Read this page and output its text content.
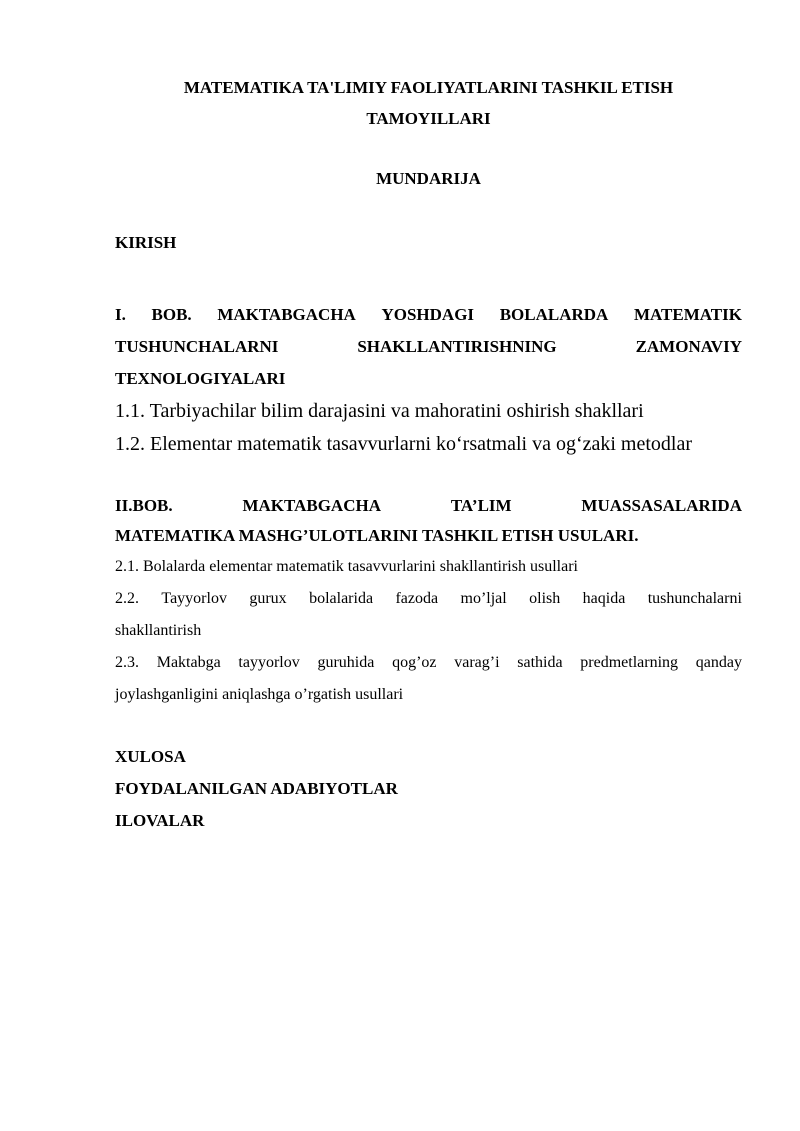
MATEMATIKA TA'LIMIY FAOLIYATLARINI TASHKIL ETISH

TAMOYILLARI

MUNDARIJA

KIRISH

I. BOB. MAKTABGACHA YOSHDAGI BOLALARDA MATEMATIK
TUSHUNCHALARNI	SHAKLLANTIRISHNING	ZAMONAVIY
TEXNOLOGIYALARI

1.1. Tarbiyachilar bilim darajasini va mahoratini oshirish shakllari

1.2. Elementar matematik tasavvurlarni ko‘rsatmali va og‘zaki metodlar

II.BOB.	MAKTABGACHA	TA’LIM	MUASSASALARIDA
MATEMATIKA MASHG’ULOTLARINI TASHKIL ETISH USULARI.

2.1. Bolalarda elementar matematik tasavvurlarini shakllantirish usullari

2.2. Tayyorlov gurux bolalarida fazoda mo’ljal olish haqida tushunchalarni

shakllantirish

2.3. Maktabga tayyorlov guruhida qog’oz varag’i sathida predmetlarning qanday

joylashganligini aniqlashga o’rgatish usullari

XULOSA
FOYDALANILGAN ADABIYOTLAR
ILOVALAR
